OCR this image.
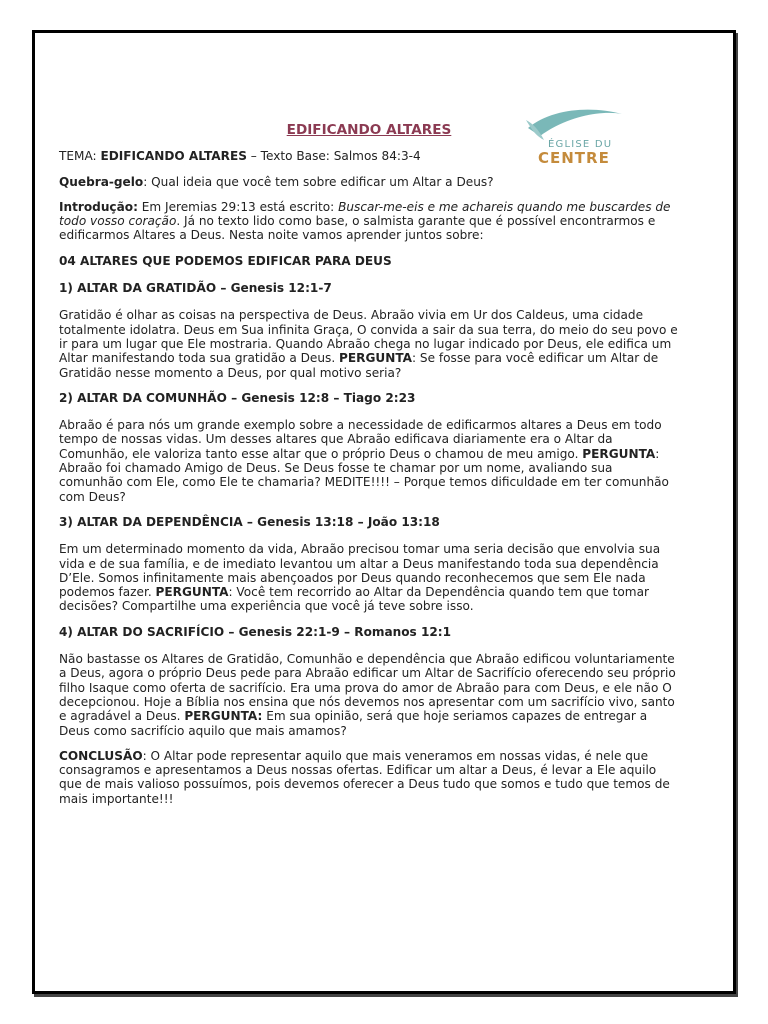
ÉGLISE DU
CENTRE
EDIFICANDO ALTARES

TEMA: EDIFICANDO ALTARES – Texto Base: Salmos 84:3-4

Quebra-gelo: Qual ideia que você tem sobre edificar um Altar a Deus?

Introdução: Em Jeremias 29:13 está escrito: Buscar-me-eis e me achareis quando me buscardes de todo vosso coração. Já no texto lido como base, o salmista garante que é possível encontrarmos e edificarmos Altares a Deus. Nesta noite vamos aprender juntos sobre:

04 ALTARES QUE PODEMOS EDIFICAR PARA DEUS

1) ALTAR DA GRATIDÃO – Genesis 12:1-7

Gratidão é olhar as coisas na perspectiva de Deus. Abraão vivia em Ur dos Caldeus, uma cidade totalmente idolatra. Deus em Sua infinita Graça, O convida a sair da sua terra, do meio do seu povo e ir para um lugar que Ele mostraria. Quando Abraão chega no lugar indicado por Deus, ele edifica um Altar manifestando toda sua gratidão a Deus. PERGUNTA: Se fosse para você edificar um Altar de Gratidão nesse momento a Deus, por qual motivo seria?

2) ALTAR DA COMUNHÃO – Genesis 12:8 – Tiago 2:23

Abraão é para nós um grande exemplo sobre a necessidade de edificarmos altares a Deus em todo tempo de nossas vidas. Um desses altares que Abraão edificava diariamente era o Altar da Comunhão, ele valoriza tanto esse altar que o próprio Deus o chamou de meu amigo. PERGUNTA: Abraão foi chamado Amigo de Deus. Se Deus fosse te chamar por um nome, avaliando sua comunhão com Ele, como Ele te chamaria? MEDITE!!!! – Porque temos dificuldade em ter comunhão com Deus?

3) ALTAR DA DEPENDÊNCIA – Genesis 13:18 – João 13:18

Em um determinado momento da vida, Abraão precisou tomar uma seria decisão que envolvia sua vida e de sua família, e de imediato levantou um altar a Deus manifestando toda sua dependência D’Ele. Somos infinitamente mais abençoados por Deus quando reconhecemos que sem Ele nada podemos fazer. PERGUNTA: Você tem recorrido ao Altar da Dependência quando tem que tomar decisões? Compartilhe uma experiência que você já teve sobre isso.

4) ALTAR DO SACRIFÍCIO – Genesis 22:1-9 – Romanos 12:1

Não bastasse os Altares de Gratidão, Comunhão e dependência que Abraão edificou voluntariamente a Deus, agora o próprio Deus pede para Abraão edificar um Altar de Sacrifício oferecendo seu próprio filho Isaque como oferta de sacrifício. Era uma prova do amor de Abraão para com Deus, e ele não O decepcionou. Hoje a Bíblia nos ensina que nós devemos nos apresentar com um sacrifício vivo, santo e agradável a Deus. PERGUNTA: Em sua opinião, será que hoje seriamos capazes de entregar a Deus como sacrifício aquilo que mais amamos?

CONCLUSÃO: O Altar pode representar aquilo que mais veneramos em nossas vidas, é nele que consagramos e apresentamos a Deus nossas ofertas. Edificar um altar a Deus, é levar a Ele aquilo que de mais valioso possuímos, pois devemos oferecer a Deus tudo que somos e tudo que temos de mais importante!!!
